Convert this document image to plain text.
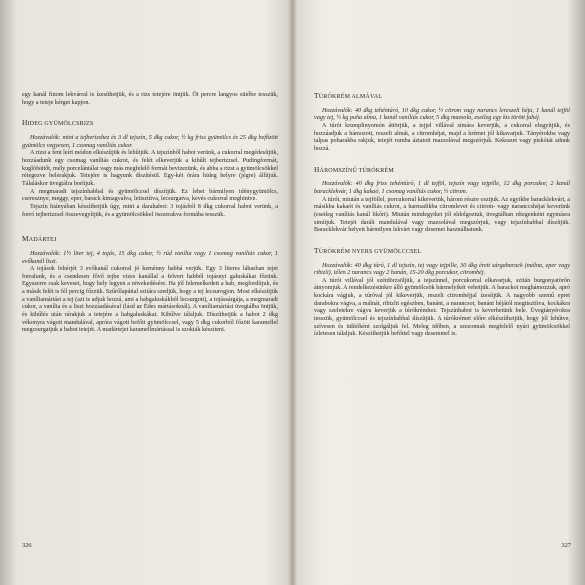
egy kanál finom lekvárral is ízesíthetjük, és a rizs tetejére öntjük. Öt percre langyos sütőbe tesszük, hogy a teteje kérget kapjon.

HIDEG GYÜMÖLCSRIZS

Hozzávalók: mint a tejberizshez és 3 dl tejszín, 5 dkg cukor, ½ kg friss gyümölcs és 25 dkg befőzött gyümölcs vegyesen, 1 csomag vaníliás cukor.

A rizst a fent leírt módon elkészítjük és lehűtjük. A tejszínből habot verünk, a cukorral megédesítjük, hozzáadunk egy csomag vaníliás cukrot, és felét elkeverjük a kihűlt tejberizzsel. Pudingformát, kuglófsütőt, mély porcelántálat vagy más megfelelő formát bevizezünk, és abba a rizst a gyümölcsökkel rétegezve belerakjuk. Tetejére is hagyunk díszítésül. Egy-két órára hideg helyre (jégre) állítjuk. Tálaláskor üvegtálra borítjuk.

A megmaradt tejszínhabbal és gyümölccsel díszítjük. Ez lehet bármilyen idénygyümölcs, cseresznye, meggy, eper, barack kimagvalva, letisztítva, lecsurgatva, kevés cukorral meghintve.

Tejszín hiányában készíthetjük úgy, mint a darahabot: 3 tojásból 8 dkg cukorral habot verünk, a forró tejberizzsel összevegyítjük, és a gyümölcsökkel összerakva formába tesszük.

MADÁRTEJ

Hozzávalók: 1½ liter tej, 4 tojás, 15 dkg cukor, ½ rúd vanília vagy 1 csomag vaníliás cukor, 1 evőkanál liszt.

A tojások fehérjét 3 evőkanál cukorral jó keménny habbá verjük. Egy 3 literes lábasban tejet forralunk, és a csendesen fővő tejbe vizes kanállal a felvert habból tojásnyi galuskákat főzünk. Egyszerre csak keveset, hogy hely legyen a növekedésére. Ha jól felemelkedett a hab, megfordítjuk, és a másik felét is fél percig főzzük. Szűrőlapáttal szitára szedjük, hogy a tej lecsurogjon. Most elkészítjük a vaníliamártást a tej (azt is adjuk hozzá, ami a habgaluskákból lecsurgott), a tojássárgája, a megmaradt cukor, a vanília és a liszt hozzáadásával (lásd az Édes mártásoknál). A vaníliamártást üvegtálba öntjük, és kihűlés után rárakjuk a tetejére a habgaluskákat. Kihűlve tálaljuk. Díszíthetjük a habot 2 dkg vékonyra vágott mandulával, apróra vágott befőtt gyümölccsel, vagy 5 dkg cukorból főzött karamellel megcsurgatjuk a habot tetejét. A madártejet karamellmártással is szokták készíteni.

326
TÚRÓKRÉM ALMÁVAL

Hozzávalók: 40 dkg tehéntúró, 10 dkg cukor, ½ citrom vagy narancs lereszelt héja, 1 kanál tejföl vagy tej, ½ kg puha alma, 1 kanál vaníliás cukor, 5 dkg mazsola, esetleg egy kis törött fahéj.

A túrót krumplinyomón áttörjük, a tejjel villával simára keverjük, a cukorral elegyítjük, és hozzáadjuk a hámozott, reszelt almát, a citromhéjat, majd a krémet jól kikavarjuk. Tányérokba vagy talpas poharakba rakjuk, tetejét rumba áztatott mazsolával megszórjuk. Keksszet vagy piskótát adunk hozzá.

HÁROMSZÍNŰ TÚRÓKRÉM

Hozzávalók: 40 dkg friss tehéntúró, 1 dl tejföl, tejszín vagy tejpille, 12 dkg porcukor, 2 kanál baracklekvár, 1 dkg kakaó, 1 csomag vaníliás cukor, ½ citrom.

A túrót, miután a tejföllel, porcukorral kikevertük, három részre osztjuk. Az egyikbe baracklekvárt, a másikba kakaót és vaníliás cukrot, a harmadikba citromlevet és citrom- vagy naranccshéjat keverünk (esetleg vaníliás kanál likőrt). Miután mindegyiket jól eldolgoztuk, üvegtálban rétegenként egymásra simítjuk. Tetejét darált mandulával vagy mazsolával megszórjuk, vagy tejszínhabbal díszítjük. Baracklekvár helyett bármilyen lekvárt vagy dzsemet használhatunk.

TÚRÓKRÉM NYERS GYÜMÖLCCSEL

Hozzávalók: 40 dkg túró, 1 dl tejszín, tej vagy tejpille, 30 dkg érett sárgabarack (málna, eper vagy ribizli), télen 2 narancs vagy 2 banán, 15-20 dkg porcukor, citromhéj.

A túrót villával jól szétdörzsöljük, a tejszínnel, porcukorral elkavarjuk, szitán burgonyatörőn átnyomjuk. A rendelkezésünkre álló gyümölcsök bármelyikét vehetjük. A barackot meghámozzuk, apró kockára vágjuk, a túróval jól kikeverjük, reszelt citromhéjjal ízesítjük. A nagyobb szemű epret darabokra vágva, a málnát, ribizlit egészben, banánt, a narancsot, banánt héjától megtisztítva, kockákra vagy szeletekre vágva keverjük a túrókrémhez. Tejszínhabot is keverhetünk bele. Üvegtányérokra tesszük, gyümölccsel és tejszínhabbal díszítjük. A túrókrémet előre elkészíthetjük, hogy jól lehűtve, szívesen és üdítőként szolgáljuk fel. Meleg időben, a szezonnak megfelelő nyári gyümölcsökkel ízletesen tálaljuk. Készíthetjük befőttel vagy dzsemmel is.

327
